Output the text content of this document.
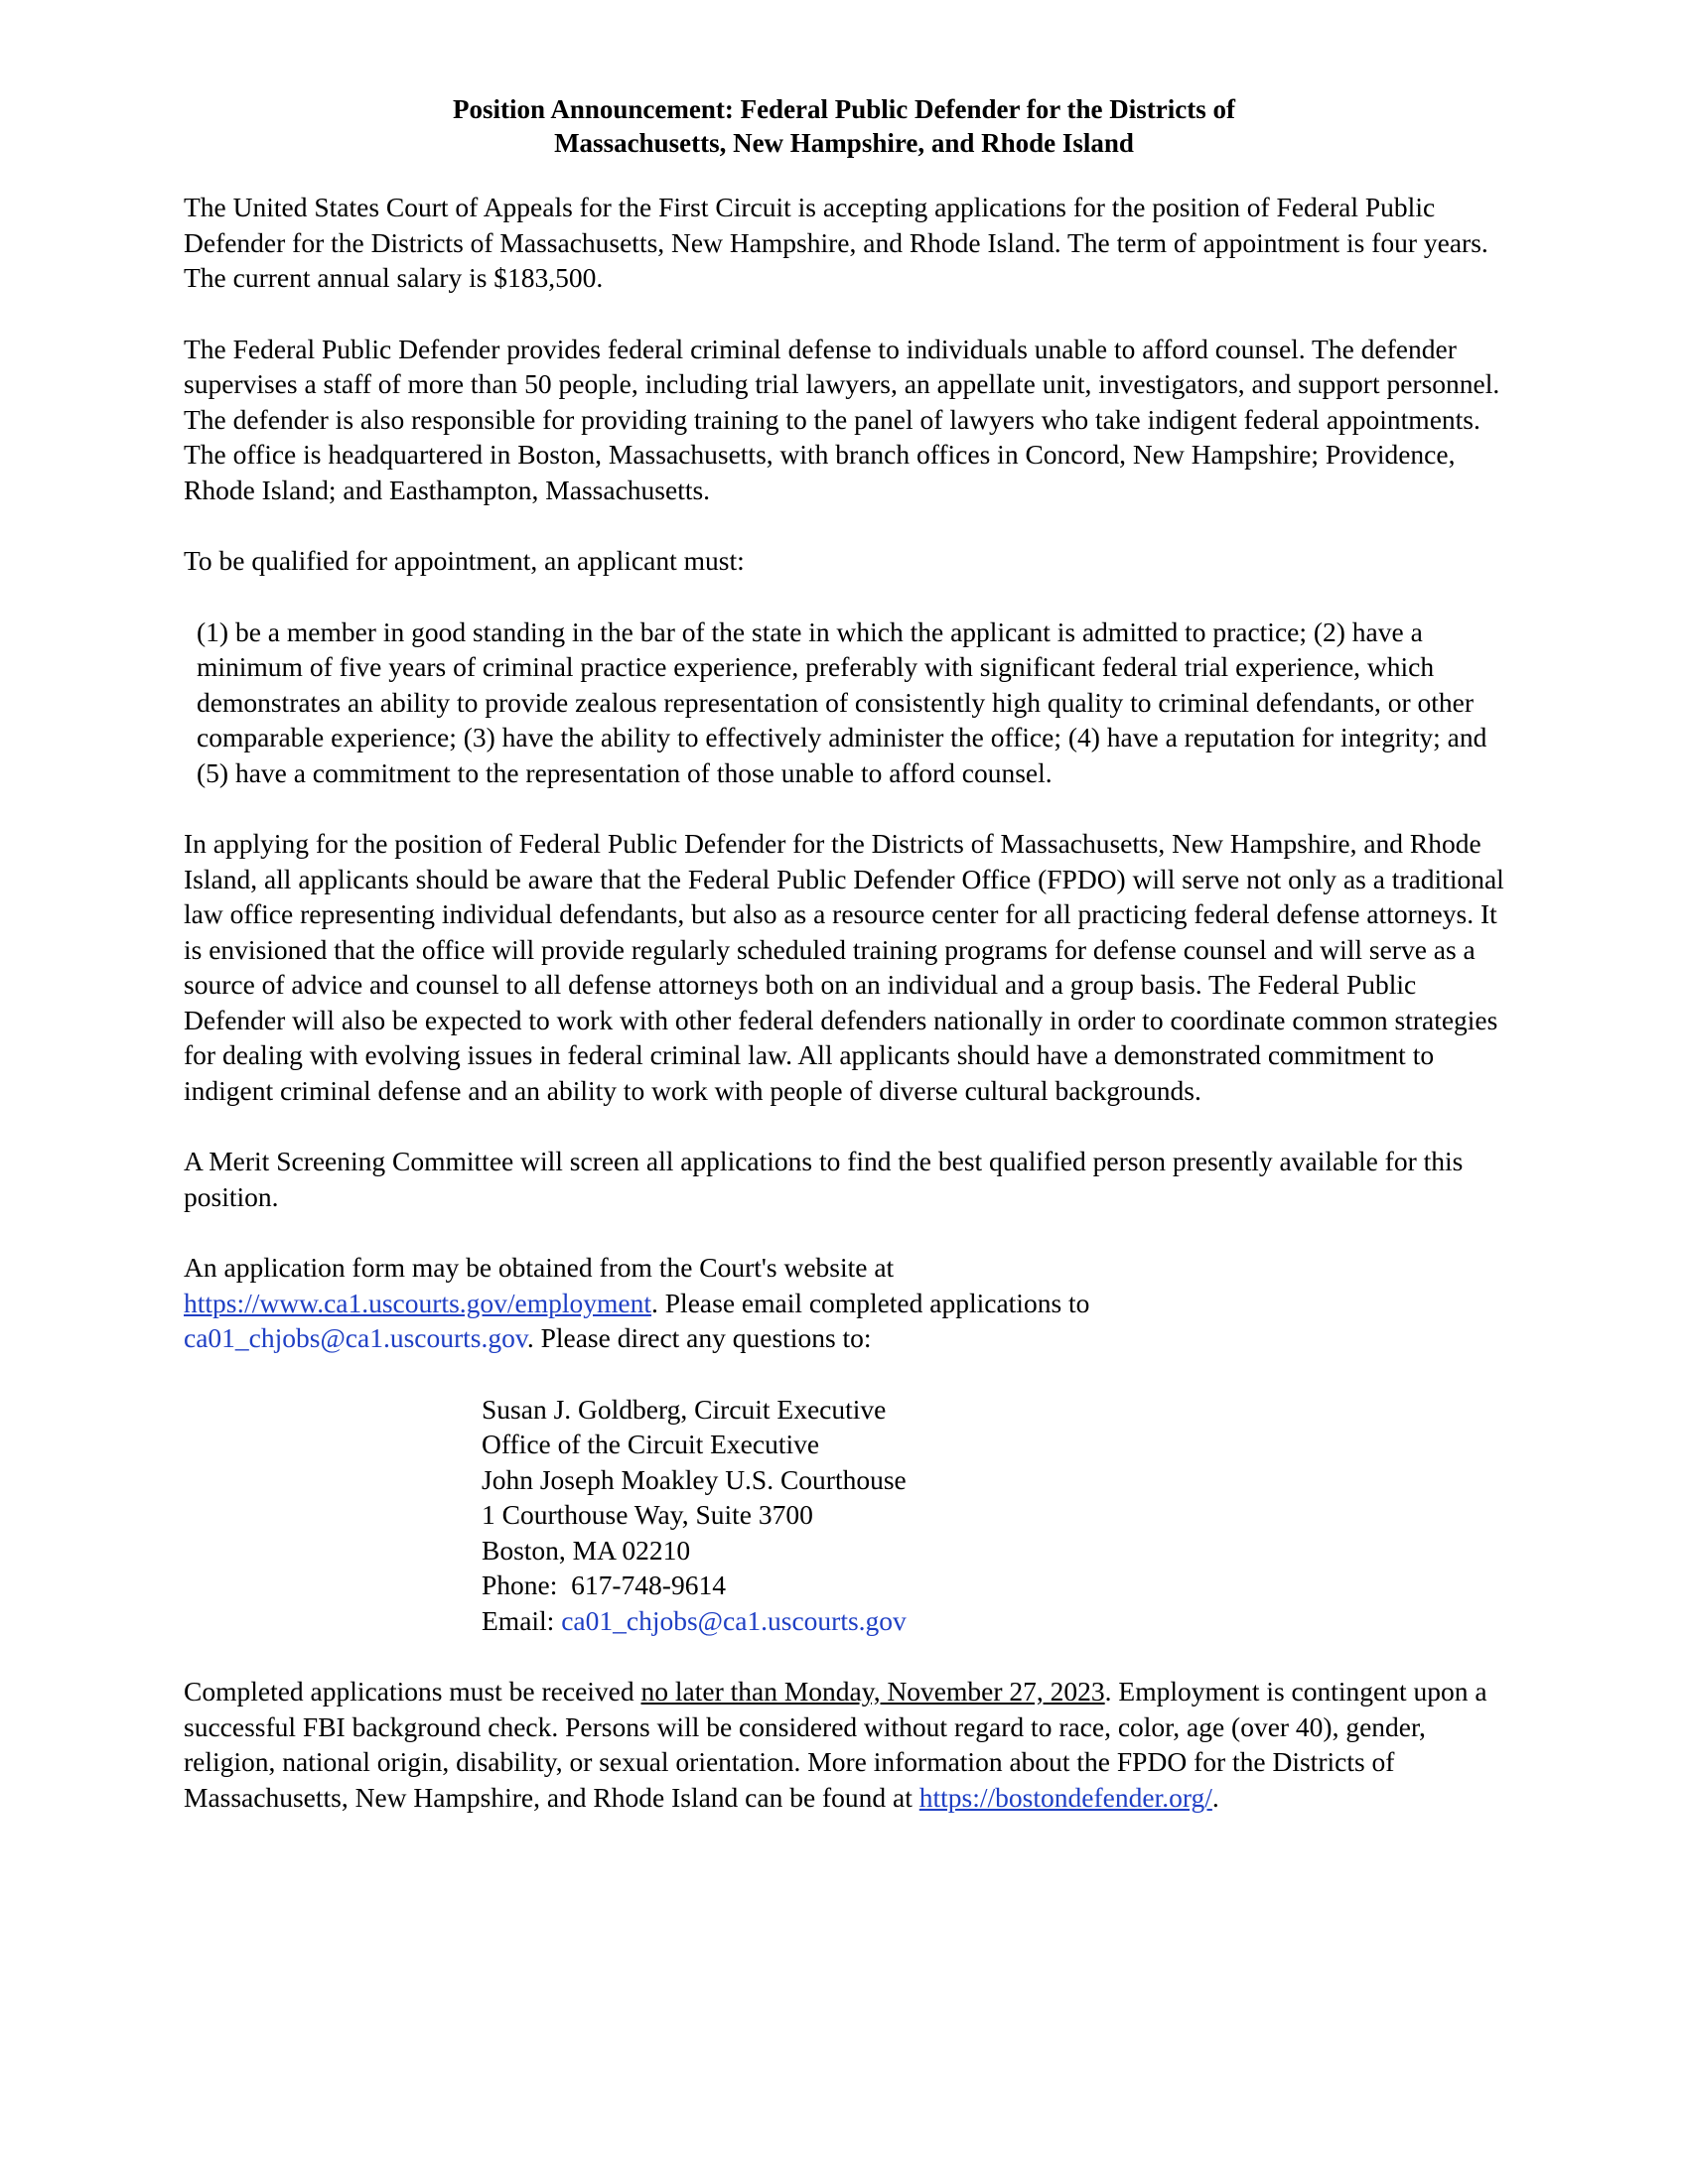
Position Announcement: Federal Public Defender for the Districts of
Massachusetts, New Hampshire, and Rhode Island

The United States Court of Appeals for the First Circuit is accepting applications for the position of Federal Public Defender for the Districts of Massachusetts, New Hampshire, and Rhode Island. The term of appointment is four years. The current annual salary is $183,500.

The Federal Public Defender provides federal criminal defense to individuals unable to afford counsel. The defender supervises a staff of more than 50 people, including trial lawyers, an appellate unit, investigators, and support personnel. The defender is also responsible for providing training to the panel of lawyers who take indigent federal appointments. The office is headquartered in Boston, Massachusetts, with branch offices in Concord, New Hampshire; Providence, Rhode Island; and Easthampton, Massachusetts.

To be qualified for appointment, an applicant must:

(1) be a member in good standing in the bar of the state in which the applicant is admitted to practice; (2) have a minimum of five years of criminal practice experience, preferably with significant federal trial experience, which demonstrates an ability to provide zealous representation of consistently high quality to criminal defendants, or other comparable experience; (3) have the ability to effectively administer the office; (4) have a reputation for integrity; and (5) have a commitment to the representation of those unable to afford counsel.

In applying for the position of Federal Public Defender for the Districts of Massachusetts, New Hampshire, and Rhode Island, all applicants should be aware that the Federal Public Defender Office (FPDO) will serve not only as a traditional law office representing individual defendants, but also as a resource center for all practicing federal defense attorneys. It is envisioned that the office will provide regularly scheduled training programs for defense counsel and will serve as a source of advice and counsel to all defense attorneys both on an individual and a group basis. The Federal Public Defender will also be expected to work with other federal defenders nationally in order to coordinate common strategies for dealing with evolving issues in federal criminal law. All applicants should have a demonstrated commitment to indigent criminal defense and an ability to work with people of diverse cultural backgrounds.

A Merit Screening Committee will screen all applications to find the best qualified person presently available for this position.

An application form may be obtained from the Court's website at
https://www.ca1.uscourts.gov/employment. Please email completed applications to
ca01_chjobs@ca1.uscourts.gov. Please direct any questions to:

Susan J. Goldberg, Circuit Executive
Office of the Circuit Executive
John Joseph Moakley U.S. Courthouse
1 Courthouse Way, Suite 3700
Boston, MA 02210
Phone:  617-748-9614
Email: ca01_chjobs@ca1.uscourts.gov

Completed applications must be received no later than Monday, November 27, 2023. Employment is contingent upon a successful FBI background check. Persons will be considered without regard to race, color, age (over 40), gender, religion, national origin, disability, or sexual orientation. More information about the FPDO for the Districts of Massachusetts, New Hampshire, and Rhode Island can be found at https://bostondefender.org/.
